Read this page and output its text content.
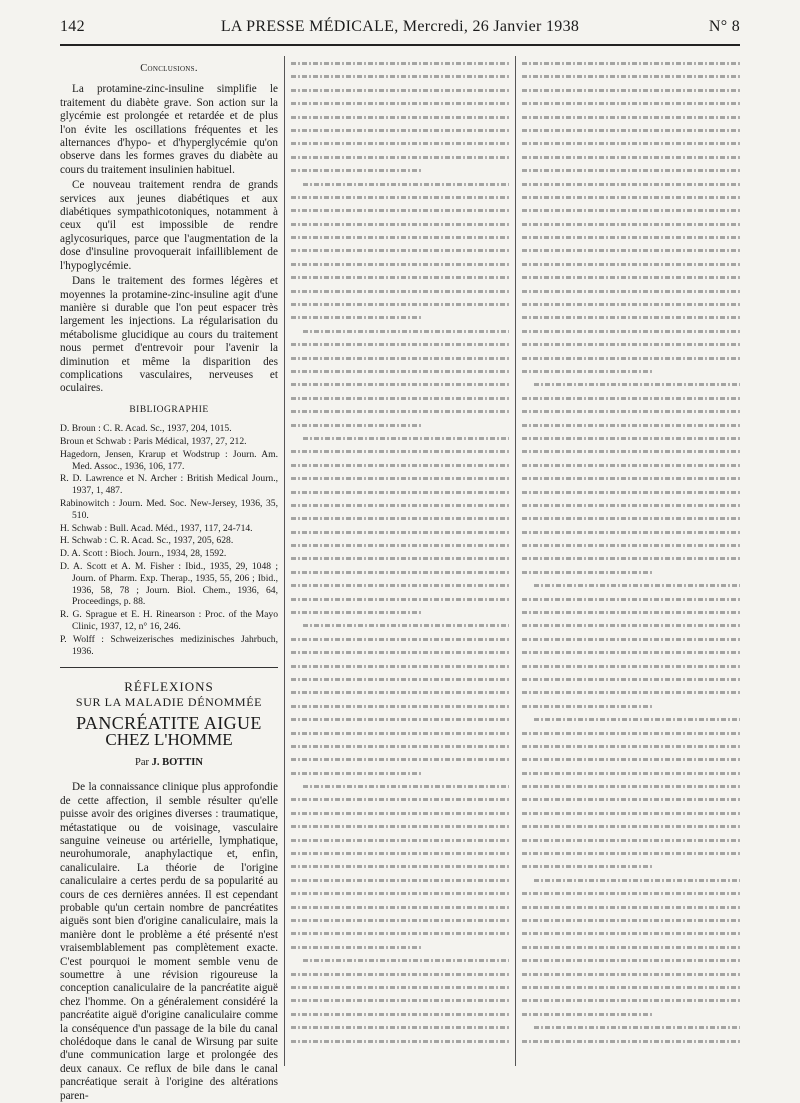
142	LA PRESSE MÉDICALE, Mercredi, 26 Janvier 1938	N° 8
Conclusions.

La protamine-zinc-insuline simplifie le traitement du diabète grave. Son action sur la glycémie est prolongée et retardée et de plus l'on évite les oscillations fréquentes et les alternances d'hypo- et d'hyperglycémie qu'on observe dans les formes graves du diabète au cours du traitement insulinien habituel.

Ce nouveau traitement rendra de grands services aux jeunes diabétiques et aux diabétiques sympathicotoniques, notamment à ceux qu'il est impossible de rendre aglycosuriques, parce que l'augmentation de la dose d'insuline provoquerait infailliblement de l'hypoglycémie.

Dans le traitement des formes légères et moyennes la protamine-zinc-insuline agit d'une manière si durable que l'on peut espacer très largement les injections. La régularisation du métabolisme glucidique au cours du traitement nous permet d'entrevoir pour l'avenir la diminution et même la disparition des complications vasculaires, nerveuses et oculaires.

BIBLIOGRAPHIE

D. Broun : C. R. Acad. Sc., 1937, 204, 1015.

Broun et Schwab : Paris Médical, 1937, 27, 212.

Hagedorn, Jensen, Krarup et Wodstrup : Journ. Am. Med. Assoc., 1936, 106, 177.

R. D. Lawrence et N. Archer : British Medical Journ., 1937, 1, 487.

Rabinowitch : Journ. Med. Soc. New-Jersey, 1936, 35, 510.

H. Schwab : Bull. Acad. Méd., 1937, 117, 24-714.

H. Schwab : C. R. Acad. Sc., 1937, 205, 628.

D. A. Scott : Bioch. Journ., 1934, 28, 1592.

D. A. Scott et A. M. Fisher : Ibid., 1935, 29, 1048 ; Journ. of Pharm. Exp. Therap., 1935, 55, 206 ; Ibid., 1936, 58, 78 ; Journ. Biol. Chem., 1936, 64, Proceedings, p. 88.

R. G. Sprague et E. H. Rinearson : Proc. of the Mayo Clinic, 1937, 12, n° 16, 246.

P. Wolff : Schweizerisches medizinisches Jahrbuch, 1936.

RÉFLEXIONS

SUR LA MALADIE DÉNOMMÉE

PANCRÉATITE AIGUE

CHEZ L'HOMME

Par J. BOTTIN

De la connaissance clinique plus approfondie de cette affection, il semble résulter qu'elle puisse avoir des origines diverses : traumatique, métastatique ou de voisinage, vasculaire sanguine veineuse ou artérielle, lymphatique, neurohumorale, anaphylactique et, enfin, canaliculaire. La théorie de l'origine canaliculaire a certes perdu de sa popularité au cours de ces dernières années. Il est cependant probable qu'un certain nombre de pancréatites aiguës sont bien d'origine canaliculaire, mais la manière dont le problème a été présenté n'est vraisemblablement pas complètement exacte. C'est pourquoi le moment semble venu de soumettre à une révision rigoureuse la conception canaliculaire de la pancréatite aiguë chez l'homme. On a généralement considéré la pancréatite aiguë d'origine canaliculaire comme la conséquence d'un passage de la bile du canal cholédoque dans le canal de Wirsung par suite d'une communication large et prolongée des deux canaux. Ce reflux de bile dans le canal pancréatique serait à l'origine des altérations paren-
